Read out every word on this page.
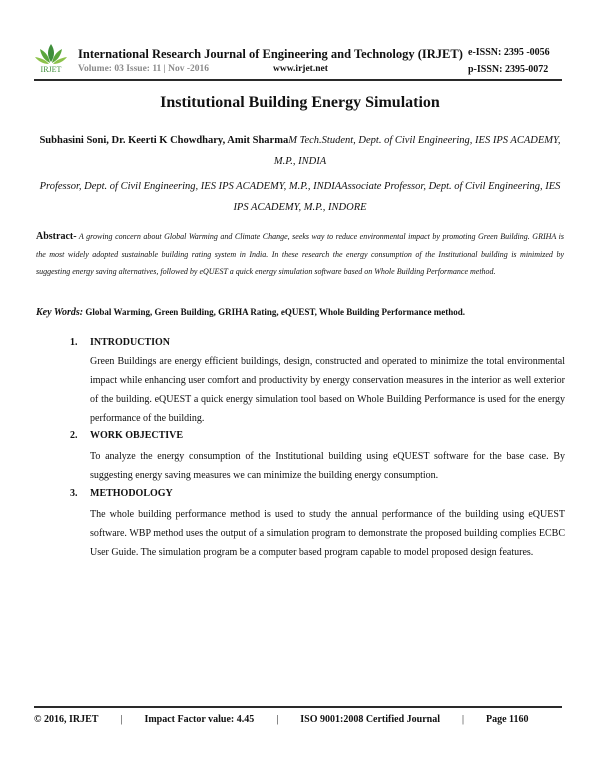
IRJET
International Research Journal of Engineering and Technology (IRJET) e-ISSN: 2395 -0056
Volume: 03 Issue: 11 | Nov -2016	www.irjet.net	p-ISSN: 2395-0072
Institutional Building Energy Simulation
Subhasini Soni, Dr. Keerti K Chowdhary, Amit SharmaM Tech.Student, Dept. of Civil Engineering, IES IPS ACADEMY, M.P., INDIA
Professor, Dept. of Civil Engineering, IES IPS ACADEMY, M.P., INDIAAssociate Professor, Dept. of Civil Engineering, IES IPS ACADEMY, M.P., INDORE
Abstract- A growing concern about Global Warming and Climate Change, seeks way to reduce environmental impact by promoting Green Building. GRIHA is the most widely adopted sustainable building rating system in India. In these research the energy consumption of the Institutional building is minimized by suggesting energy saving alternatives, followed by eQUEST a quick energy simulation software based on Whole Building Performance method.
Key Words: Global Warming, Green Building, GRIHA Rating, eQUEST, Whole Building Performance method.
1. INTRODUCTION
Green Buildings are energy efficient buildings, design, constructed and operated to minimize the total environmental impact while enhancing user comfort and productivity by energy conservation measures in the interior as well exterior of the building. eQUEST a quick energy simulation tool based on Whole Building Performance is used for the energy performance of the building.
2. WORK OBJECTIVE
To analyze the energy consumption of the Institutional building using eQUEST software for the base case. By suggesting energy saving measures we can minimize the building energy consumption.
3. METHODOLOGY
The whole building performance method is used to study the annual performance of the building using eQUEST software. WBP method uses the output of a simulation program to demonstrate the proposed building complies ECBC User Guide. The simulation program be a computer based program capable to model proposed design features.
© 2016, IRJET | Impact Factor value: 4.45 | ISO 9001:2008 Certified Journal | Page 1160
